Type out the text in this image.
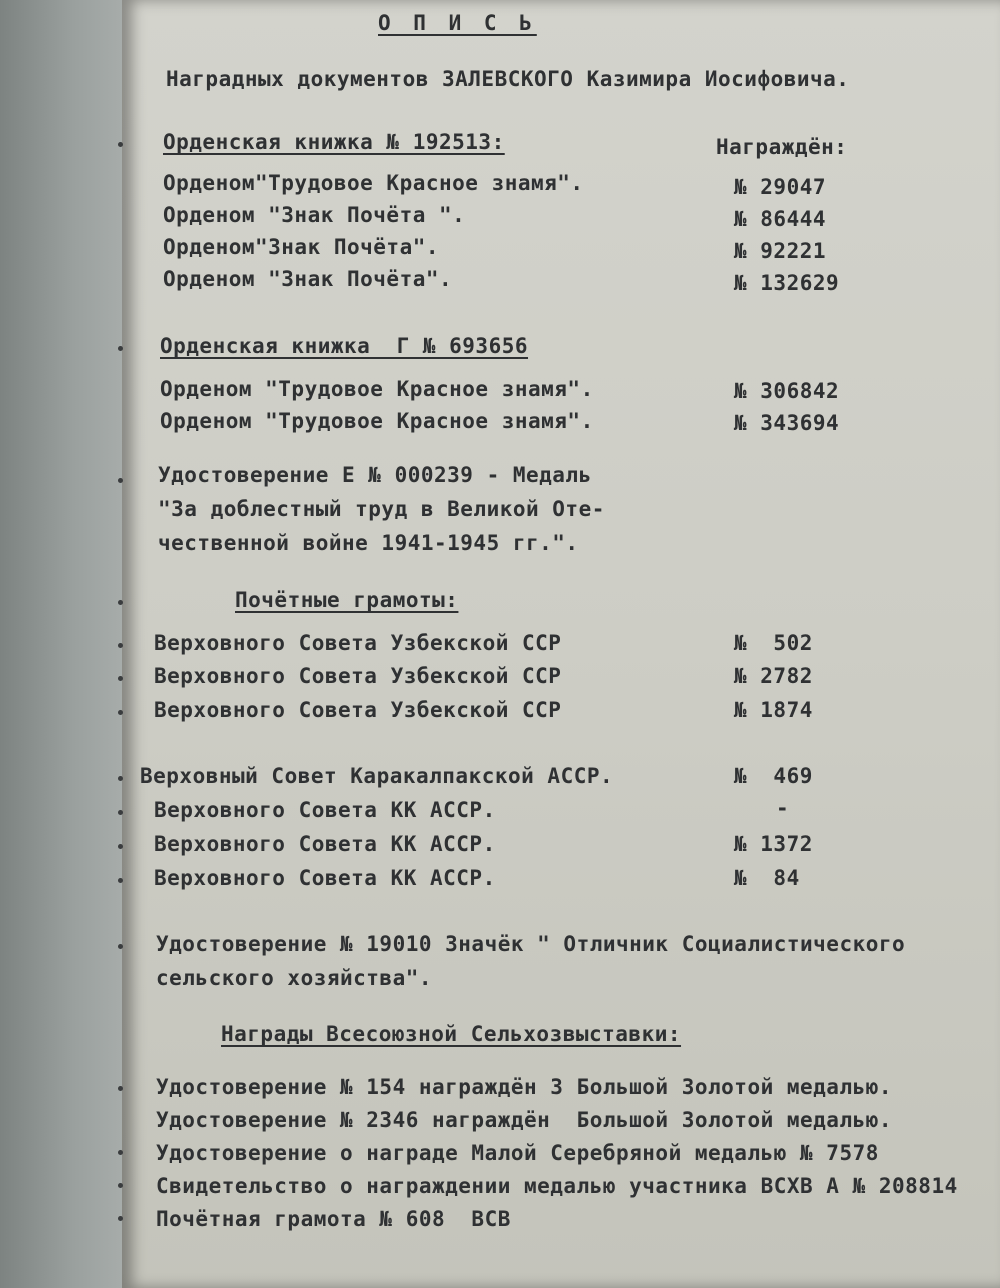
О П И С Ь

Наградных документов ЗАЛЕВСКОГО Казимира Иосифовича.

Орденская книжка № 192513:	Награждён:

Орденом"Трудовое Красное знамя".	№ 29047

Орденом "Знак Почёта ".	№ 86444

Орденом"Знак Почёта".	№ 92221

Орденом "Знак Почёта".	№ 132629

Орденская книжка  Г № 693656

Орденом "Трудовое Красное знамя".	№ 306842

Орденом "Трудовое Красное знамя".	№ 343694

Удостоверение Е № 000239 - Медаль

"За доблестный труд в Великой Оте-

чественной войне 1941-1945 гг.".

Почётные грамоты:

Верховного Совета Узбекской ССР	№  502

Верховного Совета Узбекской ССР	№ 2782

Верховного Совета Узбекской ССР	№ 1874

Верховный Совет Каракалпакской АССР.	№  469

Верховного Совета КК АССР.	-

Верховного Совета КК АССР.	№ 1372

Верховного Совета КК АССР.	№  84

Удостоверение № 19010 Значёк " Отличник Социалистического

сельского хозяйства".

Награды Всесоюзной Сельхозвыставки:

Удостоверение № 154 награждён 3 Большой Золотой медалью.

Удостоверение № 2346 награждён  Большой Золотой медалью.

Удостоверение о награде Малой Серебряной медалью № 7578

Свидетельство о награждении медалью участника ВСХВ А № 208814

Почётная грамота № 608  ВСВ
